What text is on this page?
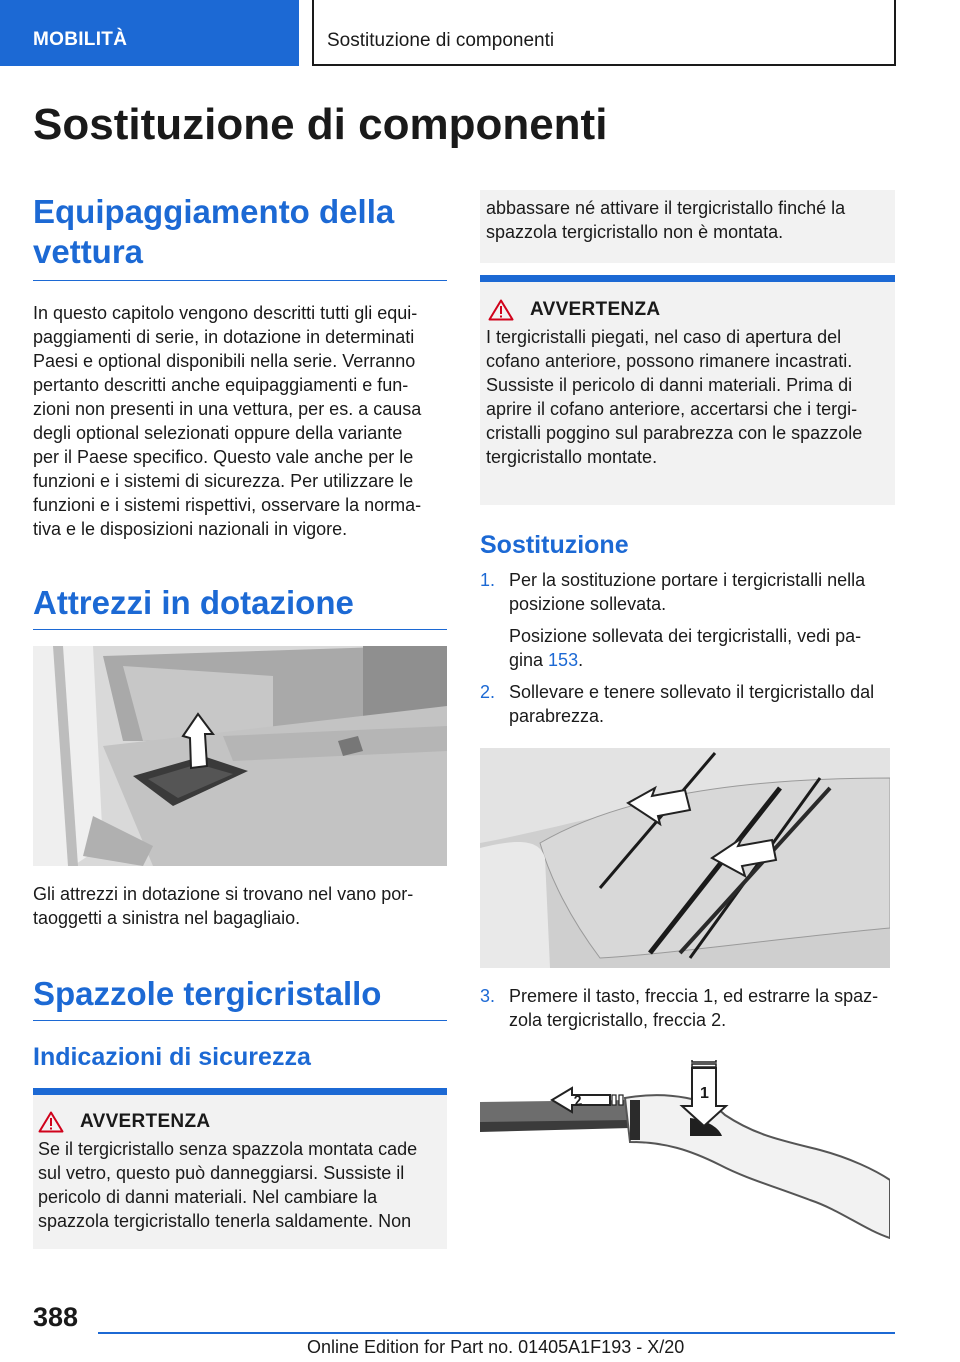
MOBILITÀ	Sostituzione di componenti
Sostituzione di componenti
Equipaggiamento della
vettura

In questo capitolo vengono descritti tutti gli equi-
paggiamenti di serie, in dotazione in determinati
Paesi e optional disponibili nella serie. Verranno
pertanto descritti anche equipaggiamenti e fun-
zioni non presenti in una vettura, per es. a causa
degli optional selezionati oppure della variante
per il Paese specifico. Questo vale anche per le
funzioni e i sistemi di sicurezza. Per utilizzare le
funzioni e i sistemi rispettivi, osservare la norma-
tiva e le disposizioni nazionali in vigore.

Attrezzi in dotazione

Gli attrezzi in dotazione si trovano nel vano por-
taoggetti a sinistra nel bagagliaio.

Spazzole tergicristallo
Indicazioni di sicurezza
AVVERTENZA

Se il tergicristallo senza spazzola montata cade
sul vetro, questo può danneggiarsi. Sussiste il
pericolo di danni materiali. Nel cambiare la
spazzola tergicristallo tenerla saldamente. Non

abbassare né attivare il tergicristallo finché la
spazzola tergicristallo non è montata.

AVVERTENZA

I tergicristalli piegati, nel caso di apertura del
cofano anteriore, possono rimanere incastrati.
Sussiste il pericolo di danni materiali. Prima di
aprire il cofano anteriore, accertarsi che i tergi-
cristalli poggino sul parabrezza con le spazzole
tergicristallo montate.

Sostituzione
1. Per la sostituzione portare i tergicristalli nella
posizione sollevata.
Posizione sollevata dei tergicristalli, vedi pa-
gina 153.
2. Sollevare e tenere sollevato il tergicristallo dal
parabrezza.
3. Premere il tasto, freccia 1, ed estrarre la spaz-
zola tergicristallo, freccia 2.
1
2
388
Online Edition for Part no. 01405A1F193 - X/20
